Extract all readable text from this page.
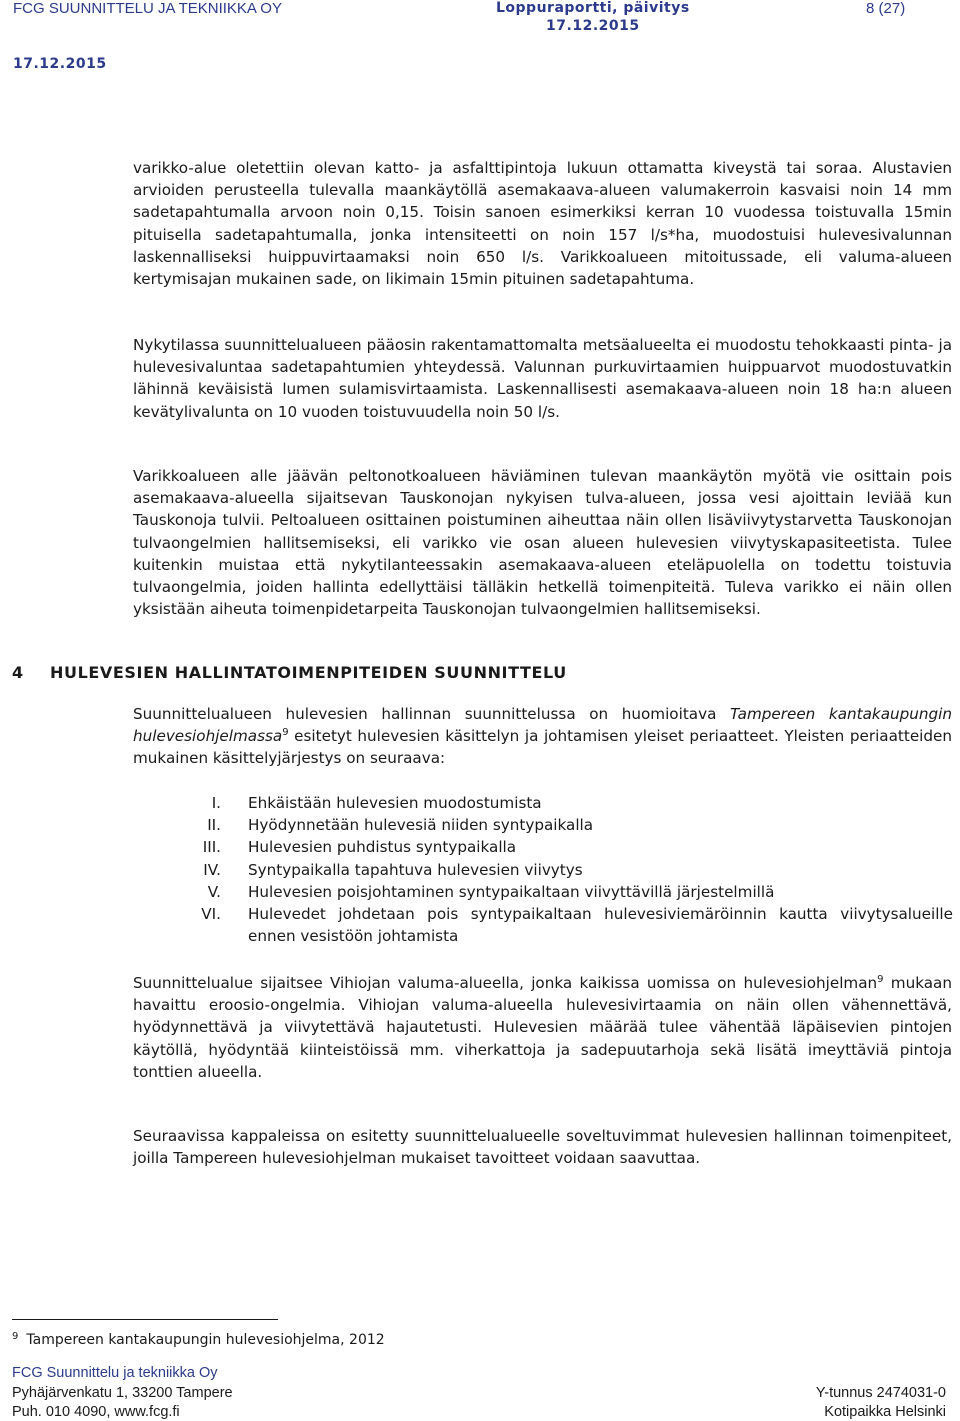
FCG SUUNNITTELU JA TEKNIIKKA OY	Loppuraportti, päivitys
17.12.2015
8 (27)
17.12.2015

varikko-alue oletettiin olevan katto- ja asfalttipintoja lukuun ottamatta kiveystä tai soraa. Alustavien arvioiden perusteella tulevalla maankäytöllä asemakaava-alueen valumakerroin kasvaisi noin 14 mm sadetapahtumalla arvoon noin 0,15. Toisin sanoen esimerkiksi kerran 10 vuodessa toistuvalla 15min pituisella sadetapahtumalla, jonka intensiteetti on noin 157 l/s*ha, muodostuisi hulevesivalunnan laskennalliseksi huippuvirtaamaksi noin 650 l/s. Varikkoalueen mitoitussade, eli valuma-alueen kertymisajan mukainen sade, on likimain 15min pituinen sadetapahtuma.

Nykytilassa suunnittelualueen pääosin rakentamattomalta metsäalueelta ei muodostu tehokkaasti pinta- ja hulevesivaluntaa sadetapahtumien yhteydessä. Valunnan purkuvirtaamien huippuarvot muodostuvatkin lähinnä keväisistä lumen sulamisvirtaamista. Laskennallisesti asemakaava-alueen noin 18 ha:n alueen kevätylivalunta on 10 vuoden toistuvuudella noin 50 l/s.

Varikkoalueen alle jäävän peltonotkoalueen häviäminen tulevan maankäytön myötä vie osittain pois asemakaava-alueella sijaitsevan Tauskonojan nykyisen tulva-alueen, jossa vesi ajoittain leviää kun Tauskonoja tulvii. Peltoalueen osittainen poistuminen aiheuttaa näin ollen lisäviivytystarvetta Tauskonojan tulvaongelmien hallitsemiseksi, eli varikko vie osan alueen hulevesien viivytyskapasiteetista. Tulee kuitenkin muistaa että nykytilanteessakin asemakaava-alueen eteläpuolella on todettu toistuvia tulvaongelmia, joiden hallinta edellyttäisi tälläkin hetkellä toimenpiteitä. Tuleva varikko ei näin ollen yksistään aiheuta toimenpidetarpeita Tauskonojan tulvaongelmien hallitsemiseksi.

4 HULEVESIEN HALLINTATOIMENPITEIDEN SUUNNITTELU

Suunnittelualueen hulevesien hallinnan suunnittelussa on huomioitava Tampereen kantakaupungin hulevesiohjelmassa$^9$ esitetyt hulevesien käsittelyn ja johtamisen yleiset periaatteet. Yleisten periaatteiden mukainen käsittelyjärjestys on seuraava:

I. Ehkäistään hulevesien muodostumista
II. Hyödynnetään hulevesiä niiden syntypaikalla
III. Hulevesien puhdistus syntypaikalla
IV. Syntypaikalla tapahtuva hulevesien viivytys
V. Hulevesien poisjohtaminen syntypaikaltaan viivyttävillä järjestelmillä
VI. Hulevedet johdetaan pois syntypaikaltaan hulevesiviemäröinnin kautta viivytysalueille ennen vesistöön johtamista

Suunnittelualue sijaitsee Vihiojan valuma-alueella, jonka kaikissa uomissa on hulevesiohjelman$^9$ mukaan havaittu eroosio-ongelmia. Vihiojan valuma-alueella hulevesivirtaamia on näin ollen vähennettävä, hyödynnettävä ja viivytettävä hajautetusti. Hulevesien määrää tulee vähentää läpäisevien pintojen käytöllä, hyödyntää kiinteistöissä mm. viherkattoja ja sadepuutarhoja sekä lisätä imeyttäviä pintoja tonttien alueella.

Seuraavissa kappaleissa on esitetty suunnittelualueelle soveltuvimmat hulevesien hallinnan toimenpiteet, joilla Tampereen hulevesiohjelman mukaiset tavoitteet voidaan saavuttaa.

$^9$ Tampereen kantakaupungin hulevesiohjelma, 2012
FCG Suunnittelu ja tekniikka Oy
Pyhäjärvenkatu 1, 33200 Tampere
Puh. 010 4090, www.fcg.fi
Y-tunnus 2474031-0
Kotipaikka Helsinki
